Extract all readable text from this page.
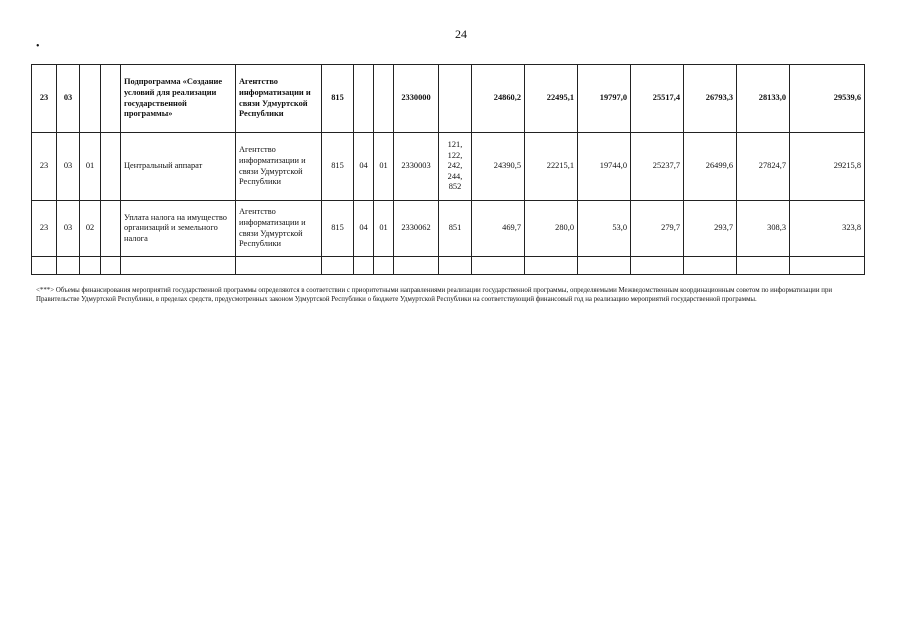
24
•
23	03			Подпрограмма «Создание условий для реализации государственной программы»	Агентство информатизации и связи Удмуртской Республики	815			2330000		24860,2	22495,1	19797,0	25517,4	26793,3	28133,0	29539,6
23	03	01		Центральный аппарат	Агентство информатизации и связи Удмуртской Республики	815	04	01	2330003	121, 122, 242, 244, 852	24390,5	22215,1	19744,0	25237,7	26499,6	27824,7	29215,8
23	03	02		Уплата налога на имущество организаций и земельного налога	Агентство информатизации и связи Удмуртской Республики	815	04	01	2330062	851	469,7	280,0	53,0	279,7	293,7	308,3	323,8

<***> Объемы финансирования мероприятий государственной программы определяются в соответствии с приоритетными направлениями реализации государственной программы, определяемыми Межведомственным координационным советом по информатизации при Правительстве Удмуртской Республики, в пределах средств, предусмотренных законом Удмуртской Республики о бюджете Удмуртской Республики на соответствующий финансовый год на реализацию мероприятий государственной программы.
